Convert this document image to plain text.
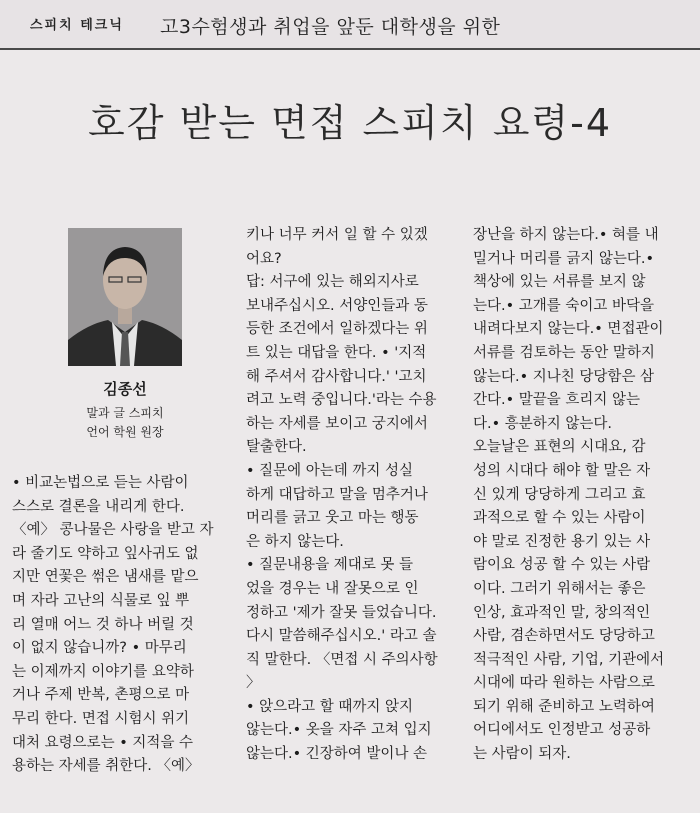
스피치 테크닉 고3수험생과 취업을 앞둔 대학생을 위한
호감 받는 면접 스피치 요령-4
김종선
말과 글 스피치
언어 학원 원장

• 비교논법으로 듣는 사람이
스스로 결론을 내리게 한다.
〈예〉 콩나물은 사랑을 받고 자
라 줄기도 약하고 잎사귀도 없
지만 연꽃은 썪은 냄새를 맡으
며 자라 고난의 식물로 잎 뿌
리 열매 어느 것 하나 버릴 것
이 없지 않습니까? • 마무리
는 이제까지 이야기를 요약하
거나 주제 반복, 촌평으로 마
무리 한다. 면접 시험시 위기
대처 요령으로는 • 지적을 수
용하는 자세를 취한다. 〈예〉

키나 너무 커서 일 할 수 있겠
어요?
답: 서구에 있는 해외지사로
보내주십시오. 서양인들과 동
등한 조건에서 일하겠다는 위
트 있는 대답을 한다. • '지적
해 주셔서 감사합니다.' '고치
려고 노력 중입니다.'라는 수용
하는 자세를 보이고 궁지에서
탈출한다.
• 질문에 아는데 까지 성실
하게 대답하고 말을 멈추거나
머리를 긁고 웃고 마는 행동
은 하지 않는다.
• 질문내용을 제대로 못 들
었을 경우는 내 잘못으로 인
정하고 '제가 잘못 들었습니다.
다시 말씀해주십시오.' 라고 솔
직 말한다. 〈면접 시 주의사항
〉
• 앉으라고 할 때까지 앉지
않는다.• 옷을 자주 고쳐 입지
않는다.• 긴장하여 발이나 손

장난을 하지 않는다.• 혀를 내
밀거나 머리를 긁지 않는다.•
책상에 있는 서류를 보지 않
는다.• 고개를 숙이고 바닥을
내려다보지 않는다.• 면접관이
서류를 검토하는 동안 말하지
않는다.• 지나친 당당함은 삼
간다.• 말끝을 흐리지 않는
다.• 흥분하지 않는다.
오늘날은 표현의 시대요, 감
성의 시대다 해야 할 말은 자
신 있게 당당하게 그리고 효
과적으로 할 수 있는 사람이
야 말로 진정한 용기 있는 사
람이요 성공 할 수 있는 사람
이다. 그러기 위해서는 좋은
인상, 효과적인 말, 창의적인
사람, 겸손하면서도 당당하고
적극적인 사람, 기업, 기관에서
시대에 따라 원하는 사람으로
되기 위해 준비하고 노력하여
어디에서도 인정받고 성공하
는 사람이 되자.
